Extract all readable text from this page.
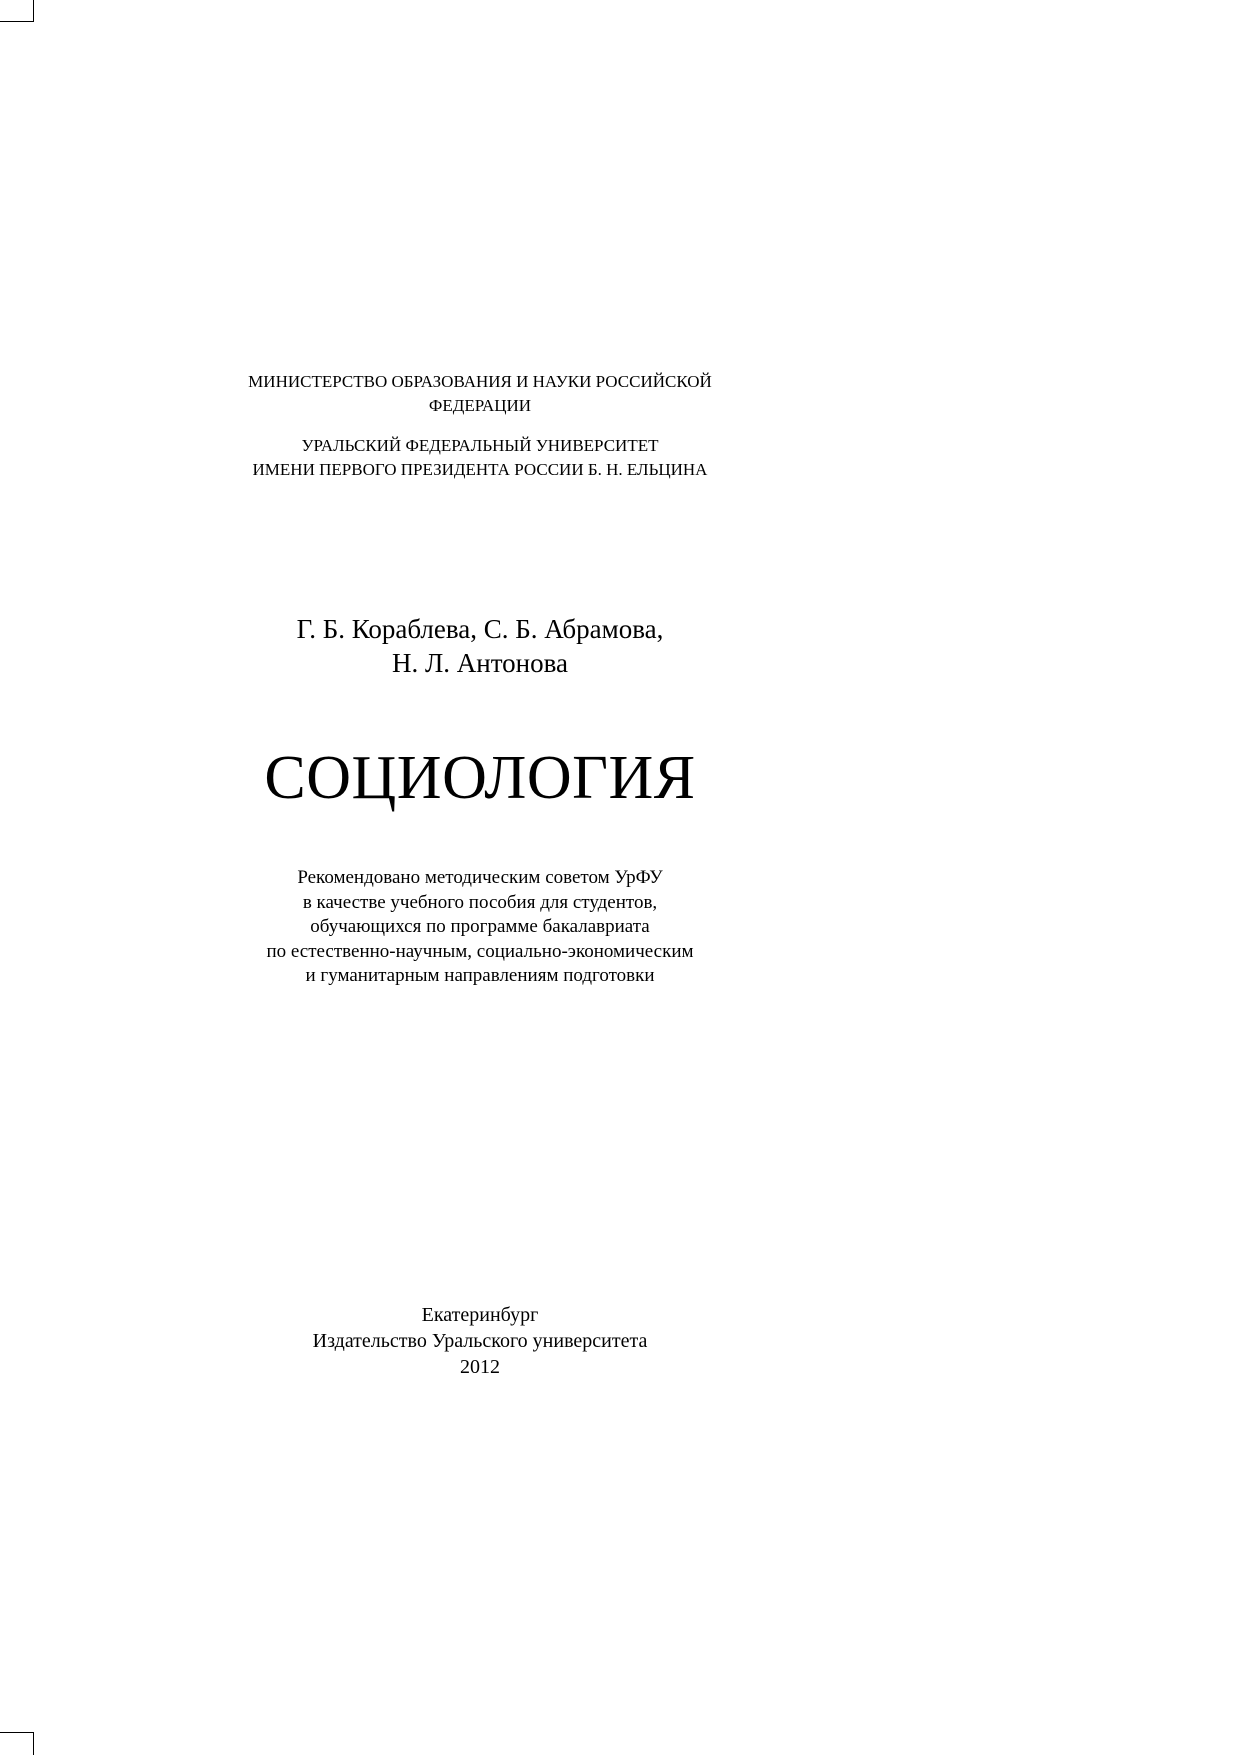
МИНИСТЕРСТВО ОБРАЗОВАНИЯ И НАУКИ РОССИЙСКОЙ
ФЕДЕРАЦИИ
УРАЛЬСКИЙ ФЕДЕРАЛЬНЫЙ УНИВЕРСИТЕТ
ИМЕНИ ПЕРВОГО ПРЕЗИДЕНТА РОССИИ Б. Н. ЕЛЬЦИНА
Г. Б. Кораблева, С. Б. Абрамова,
Н. Л. Антонова
СОЦИОЛОГИЯ
Рекомендовано методическим советом УрФУ
в качестве учебного пособия для студентов,
обучающихся по программе бакалавриата
по естественно-научным, социально-экономическим
и гуманитарным направлениям подготовки
Екатеринбург
Издательство Уральского университета
2012
